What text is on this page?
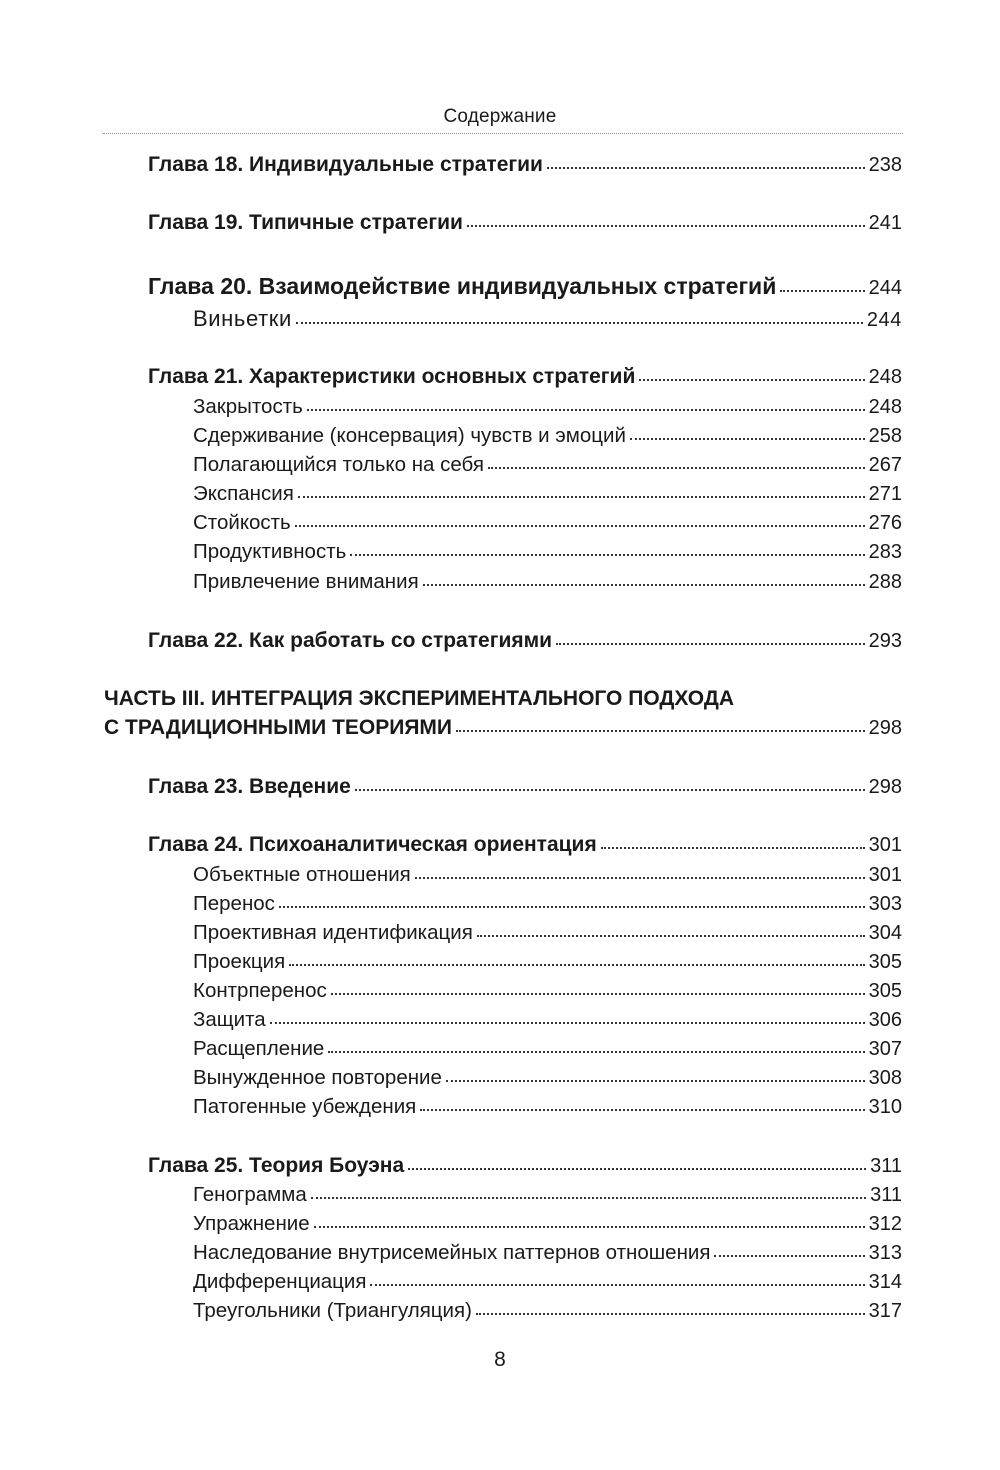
Содержание
Глава 18. Индивидуальные стратегии	238
Глава 19. Типичные стратегии	241
Глава 20. Взаимодействие индивидуальных стратегий	244
Виньетки	244
Глава 21. Характеристики основных стратегий	248
Закрытость	248
Сдерживание (консервация) чувств и эмоций	258
Полагающийся только на себя	267
Экспансия	271
Стойкость	276
Продуктивность	283
Привлечение внимания	288
Глава 22. Как работать со стратегиями	293
ЧАСТЬ III. ИНТЕГРАЦИЯ ЭКСПЕРИМЕНТАЛЬНОГО ПОДХОДА
С ТРАДИЦИОННЫМИ ТЕОРИЯМИ	298
Глава 23. Введение	298
Глава 24. Психоаналитическая ориентация	301
Объектные отношения	301
Перенос	303
Проективная идентификация	304
Проекция	305
Контрперенос	305
Защита	306
Расщепление	307
Вынужденное повторение	308
Патогенные убеждения	310
Глава 25. Теория Боуэна	311
Генограмма	311
Упражнение	312
Наследование внутрисемейных паттернов отношения	313
Дифференциация	314
Треугольники (Триангуляция)	317
8
